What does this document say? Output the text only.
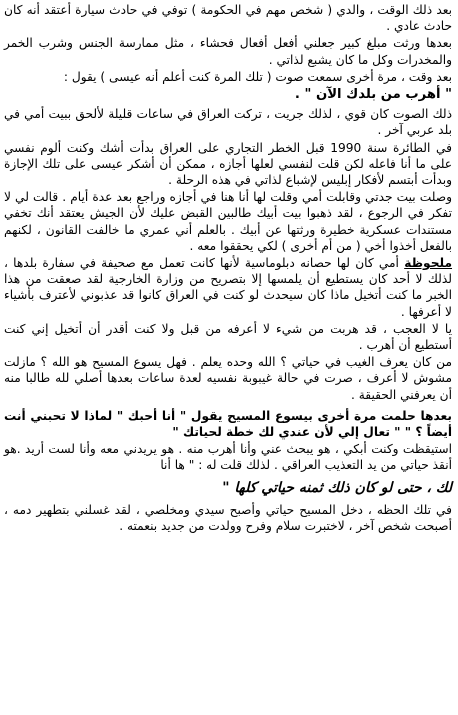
بعد ذلك الوقت ، والدي ( شخص مهم في الحكومة ) توفي في حادث سيارة أعتقد أنه كان حادث عادي .

بعدها ورثت مبلغ كبير جعلني أفعل أفعال فحشاء ، مثل ممارسة الجنس وشرب الخمر والمخدرات وكل ما كان يشبع لذاتي .

بعد وقت ، مرة أخرى سمعت صوت ( تلك المرة كنت أعلم أنه عيسى ) يقول :

" أهرب من بلدك الآن " .

ذلك الصوت كان قوي ، لذلك جريت ، تركت العراق في ساعات قليلة لألحق ببيت أمي في بلد عربي آخر .

في الطائرة سنة 1990 قبل الخطر التجاري على العراق بدأت أشك وكنت ألوم نفسي على ما أنا فاعله لكن قلت لنفسي لعلها أجازه ، ممكن أن أشكر عيسى على تلك الإجازة وبدأت أبتسم لأفكار إبليس لإشباع لذاتي في هذه الرحلة .

وصلت بيت جدتي وقابلت أمي وقلت لها أنا هنا في أجازه وراجع بعد عدة أيام . قالت لي لا تفكر في الرجوع ، لقد ذهبوا بيت أبيك طالبين القبض عليك لأن الجيش يعتقد أنك تخفي مستندات عسكرية خطيرة ورثتها عن أبيك . بالعلم أني عمري ما خالفت القانون ، لكنهم بالفعل أخذوا أخي ( من أم أخرى ) لكي يحققوا معه .

ملحوظة أمي كان لها حصانه دبلوماسية لأنها كانت تعمل مع صحيفة في سفارة بلدها ، لذلك لا أحد كان يستطيع أن يلمسها إلا بتصريح من وزارة الخارجية لقد صعقت من هذا الخبر ما كنت أتخيل ماذا كان سيحدث لو كنت في العراق كانوا قد عذبوني لأعترف بأشياء لا أعرفها .

يا لا العجب ، قد هربت من شيء لا أعرفه من قبل ولا كنت أقدر أن أتخيل إني كنت أستطيع أن أهرب .

من كان يعرف الغيب في حياتي ؟ الله وحده يعلم . فهل يسوع المسيح هو الله ؟ مازلت مشوش لا أعرف ، صرت في حالة غيبوبة نفسيه لعدة ساعات بعدها أصلي لله طالبا منه أن يعرفني الحقيقة .

بعدها حلمت مرة أخرى بيسوع المسيح يقول " أنا أحبك " لماذا لا تحبني أنت أيضاً ؟ " " تعال إلي لأن عندي لك خطة لحياتك "

استيقظت وكنت أبكي ، هو يبحث عني وأنا أهرب منه . هو يريدني معه وأنا لست أريد .هو أنقذ حياتي من يد التعذيب العراقي . لذلك قلت له : " ها أنا

لك ، حتى لو كان ذلك ثمنه حياتي كلها "

في تلك الحظه ، دخل المسيح حياتي وأصبح سيدي ومخلصي ، لقد غسلني بتطهير دمه ، أصبحت شخص آخر ، لاختبرت سلام وفرح وولدت من جديد بنعمته .
